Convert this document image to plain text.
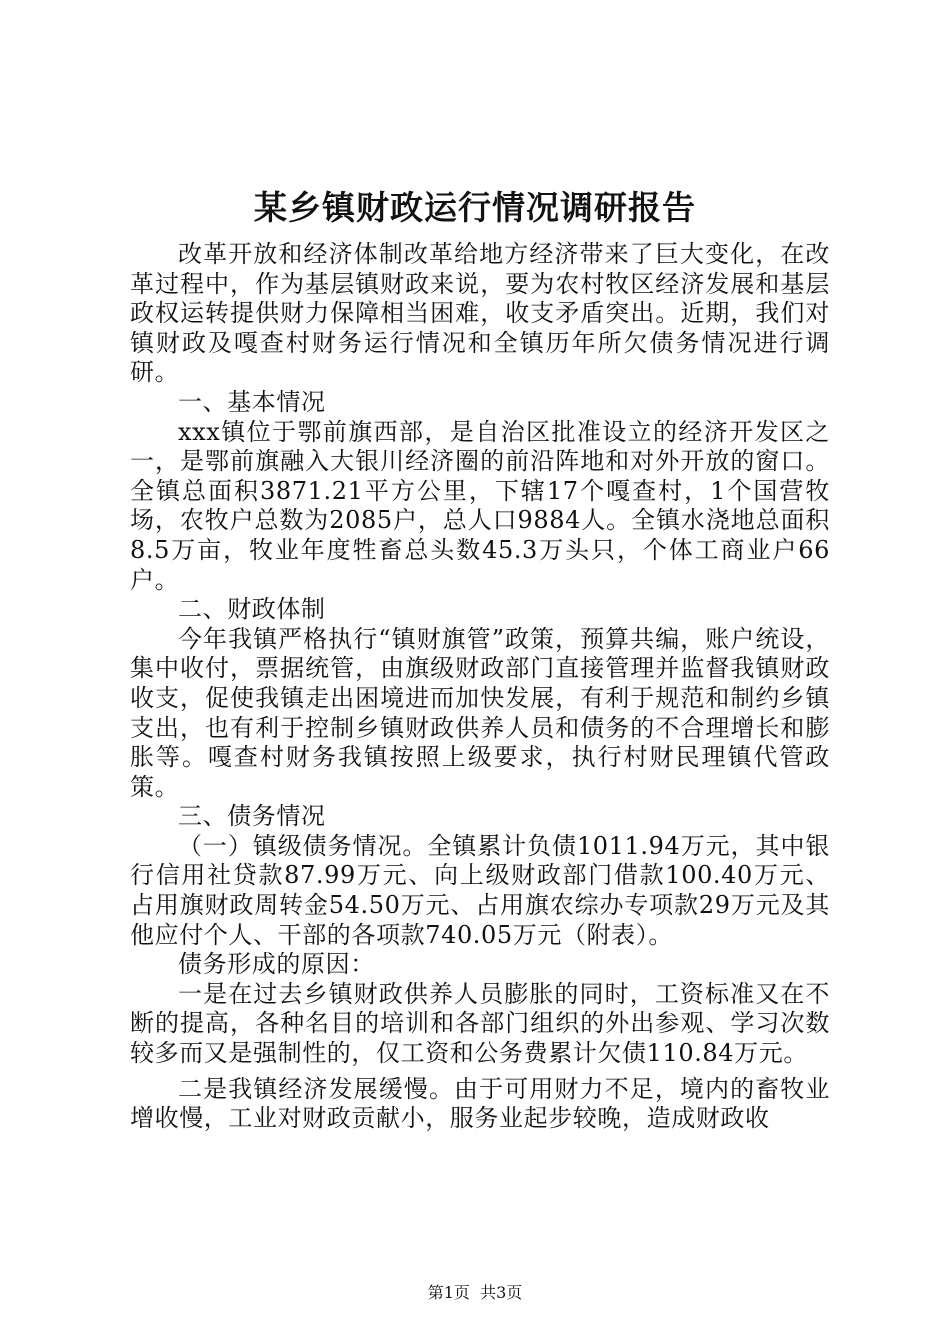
某乡镇财政运行情况调研报告

改革开放和经济体制改革给地方经济带来了巨大变化，在改革过程中，作为基层镇财政来说，要为农村牧区经济发展和基层政权运转提供财力保障相当困难，收支矛盾突出。近期，我们对镇财政及嘎查村财务运行情况和全镇历年所欠债务情况进行调研。

一、基本情况

xxx镇位于鄂前旗西部，是自治区批准设立的经济开发区之一，是鄂前旗融入大银川经济圈的前沿阵地和对外开放的窗口。全镇总面积3871.21平方公里，下辖17个嘎查村，1个国营牧场，农牧户总数为2085户，总人口9884人。全镇水浇地总面积8.5万亩，牧业年度牲畜总头数45.3万头只，个体工商业户66户。

二、财政体制

今年我镇严格执行“镇财旗管”政策，预算共编，账户统设，集中收付，票据统管，由旗级财政部门直接管理并监督我镇财政收支，促使我镇走出困境进而加快发展，有利于规范和制约乡镇支出，也有利于控制乡镇财政供养人员和债务的不合理增长和膨胀等。嘎查村财务我镇按照上级要求，执行村财民理镇代管政策。

三、债务情况

（一）镇级债务情况。全镇累计负债1011.94万元，其中银行信用社贷款87.99万元、向上级财政部门借款100.40万元、占用旗财政周转金54.50万元、占用旗农综办专项款29万元及其他应付个人、干部的各项款740.05万元（附表）。

债务形成的原因：

一是在过去乡镇财政供养人员膨胀的同时，工资标准又在不断的提高，各种名目的培训和各部门组织的外出参观、学习次数较多而又是强制性的，仅工资和公务费累计欠债110.84万元。

二是我镇经济发展缓慢。由于可用财力不足，境内的畜牧业增收慢，工业对财政贡献小，服务业起步较晚，造成财政收

第1页 共3页
